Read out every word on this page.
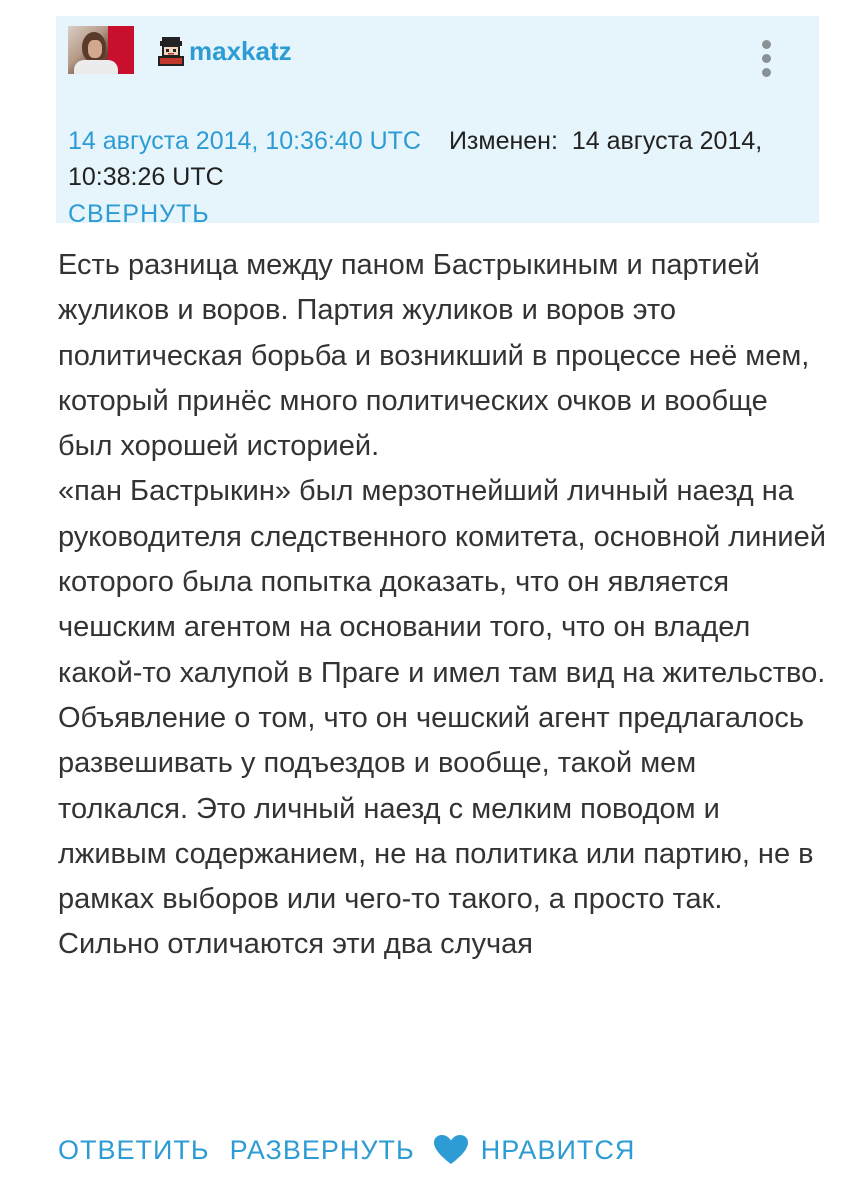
maxkatz
14 августа 2014, 10:36:40 UTC Изменен: 14 августа 2014, 10:38:26 UTC
СВЕРНУТЬ
Есть разница между паном Бастрыкиным и партией жуликов и воров. Партия жуликов и воров это политическая борьба и возникший в процессе неё мем, который принёс много политических очков и вообще был хорошей историей.
«пан Бастрыкин» был мерзотнейший личный наезд на руководителя следственного комитета, основной линией которого была попытка доказать, что он является чешским агентом на основании того, что он владел какой-то халупой в Праге и имел там вид на жительство. Объявление о том, что он чешский агент предлагалось развешивать у подъездов и вообще, такой мем толкался. Это личный наезд с мелким поводом и лживым содержанием, не на политика или партию, не в рамках выборов или чего-то такого, а просто так. Сильно отличаются эти два случая
ОТВЕТИТЬ РАЗВЕРНУТЬ НРАВИТСЯ
